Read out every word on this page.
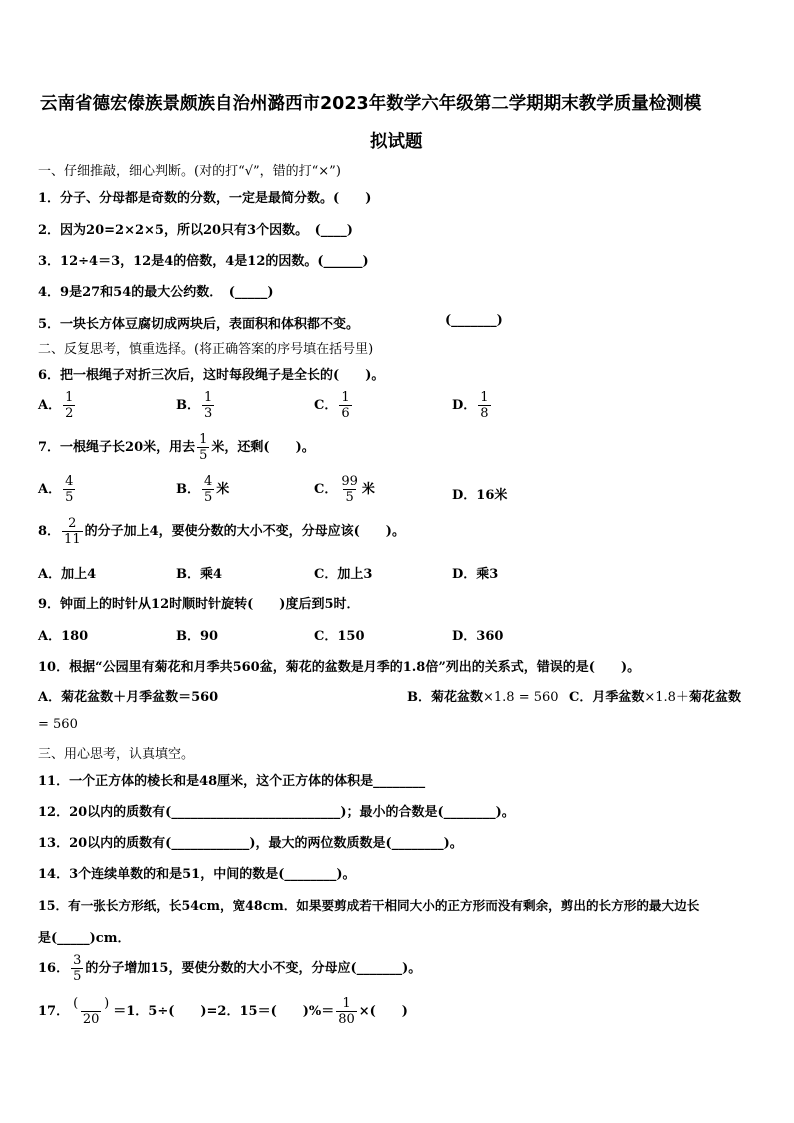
云南省德宏傣族景颇族自治州潞西市2023年数学六年级第二学期期末教学质量检测模
拟试题
一、仔细推敲，细心判断。(对的打“√”，错的打“×”)
1．分子、分母都是奇数的分数，一定是最简分数。(　　)
2．因为20=2×2×5，所以20只有3个因数。　(____)
3．12÷4＝3，12是4的倍数，4是12的因数。(______)
4．9是27和54的最大公约数．　(_____)
5．一块长方体豆腐切成两块后，表面积和体积都不变。	(_______)
二、反复思考，慎重选择。(将正确答案的序号填在括号里)
6．把一根绳子对折三次后，这时每段绳子是全长的(　　)。
A． $\frac{1}{2}$	B． $\frac{1}{3}$	C． $\frac{1}{6}$	D． $\frac{1}{8}$
7．一根绳子长20米，用去 $\frac{1}{5}$ 米，还剩(　　)。
A． $\frac{4}{5}$	B． $\frac{4}{5}$ 米	C． $\frac{99}{5}$ 米	D．16米
8． $\frac{2}{11}$ 的分子加上4，要使分数的大小不变，分母应该(　　)。
A．加上4	B．乘4	C．加上3	D．乘3
9．钟面上的时针从12时顺时针旋转(　　)度后到5时．
A．180	B．90	C．150	D．360
10．根据“公园里有菊花和月季共560盆，菊花的盆数是月季的1.8倍”列出的关系式，错误的是(　　)。
A．菊花盆数＋月季盆数＝560	B．菊花盆数×1.8 = 560 C．月季盆数×1.8＋菊花盆数
= 560
三、用心思考，认真填空。
11．一个正方体的棱长和是48厘米，这个正方体的体积是________
12．20以内的质数有(__________________________)；最小的合数是(________)。
13．20以内的质数有(____________)，最大的两位数质数是(________)。
14．3个连续单数的和是51，中间的数是(________)。
15．有一张长方形纸，长54cm，宽48cm．如果要剪成若干相同大小的正方形而没有剩余，剪出的长方形的最大边长
是(_____)cm．
16． $\frac{3}{5}$ 的分子增加15，要使分数的大小不变，分母应(_______)。
17． $\frac{( )}{20} =1$．5÷(　　)=2．15＝(　　)%＝ $\frac{1}{80}$ ×(　　)
